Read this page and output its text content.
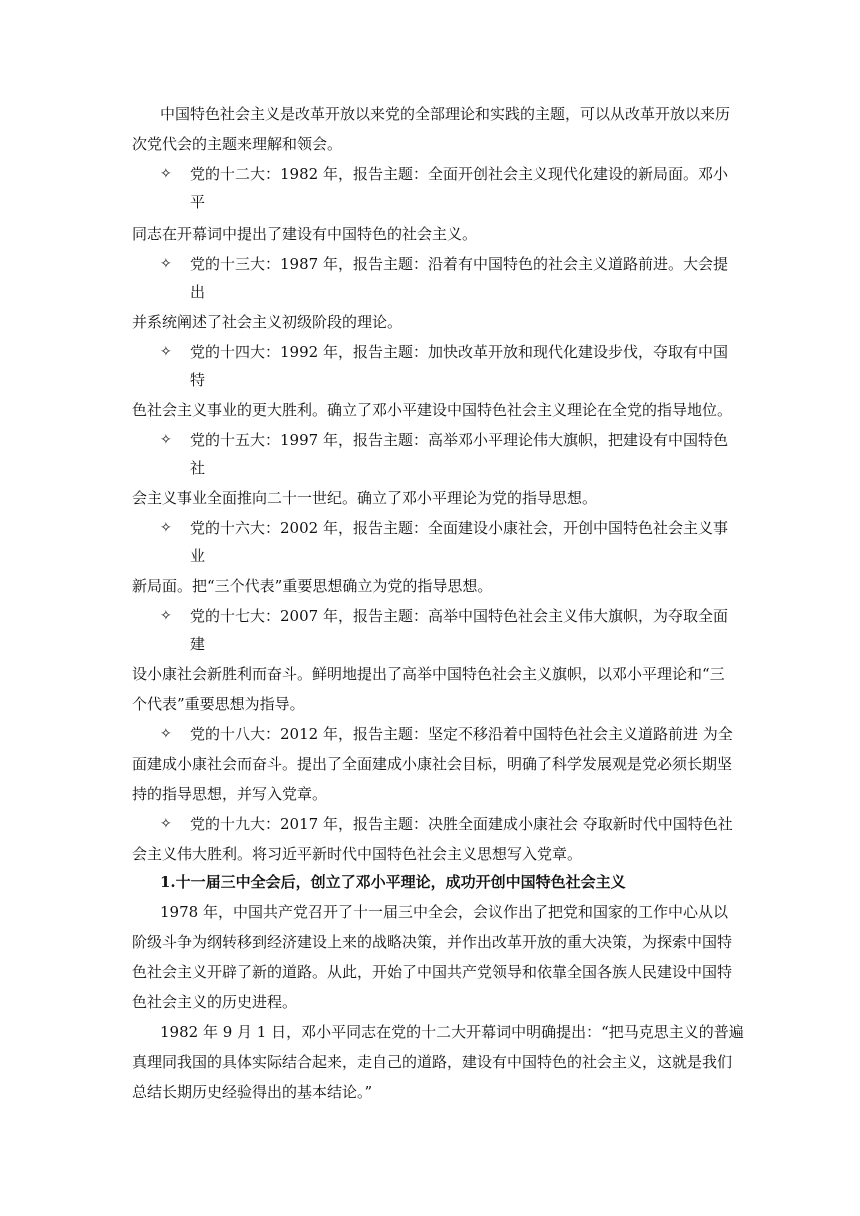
中国特色社会主义是改革开放以来党的全部理论和实践的主题，可以从改革开放以来历
次党代会的主题来理解和领会。
✧ 党的十二大：1982 年，报告主题：全面开创社会主义现代化建设的新局面。邓小
平
同志在开幕词中提出了建设有中国特色的社会主义。
✧ 党的十三大：1987 年，报告主题：沿着有中国特色的社会主义道路前进。大会提
出
并系统阐述了社会主义初级阶段的理论。
✧ 党的十四大：1992 年，报告主题：加快改革开放和现代化建设步伐，夺取有中国
特
色社会主义事业的更大胜利。确立了邓小平建设中国特色社会主义理论在全党的指导地位。
✧ 党的十五大：1997 年，报告主题：高举邓小平理论伟大旗帜，把建设有中国特色
社
会主义事业全面推向二十一世纪。确立了邓小平理论为党的指导思想。
✧ 党的十六大：2002 年，报告主题：全面建设小康社会，开创中国特色社会主义事
业
新局面。把“三个代表”重要思想确立为党的指导思想。
✧ 党的十七大：2007 年，报告主题：高举中国特色社会主义伟大旗帜，为夺取全面
建
设小康社会新胜利而奋斗。鲜明地提出了高举中国特色社会主义旗帜，以邓小平理论和“三
个代表”重要思想为指导。
✧ 党的十八大：2012 年，报告主题：坚定不移沿着中国特色社会主义道路前进 为全
面建成小康社会而奋斗。提出了全面建成小康社会目标，明确了科学发展观是党必须长期坚
持的指导思想，并写入党章。
✧ 党的十九大：2017 年，报告主题：决胜全面建成小康社会 夺取新时代中国特色社
会主义伟大胜利。将习近平新时代中国特色社会主义思想写入党章。
1.十一届三中全会后，创立了邓小平理论，成功开创中国特色社会主义
1978 年，中国共产党召开了十一届三中全会，会议作出了把党和国家的工作中心从以
阶级斗争为纲转移到经济建设上来的战略决策，并作出改革开放的重大决策，为探索中国特
色社会主义开辟了新的道路。从此，开始了中国共产党领导和依靠全国各族人民建设中国特
色社会主义的历史进程。
1982 年 9 月 1 日，邓小平同志在党的十二大开幕词中明确提出：“把马克思主义的普遍
真理同我国的具体实际结合起来，走自己的道路，建设有中国特色的社会主义，这就是我们
总结长期历史经验得出的基本结论。”
